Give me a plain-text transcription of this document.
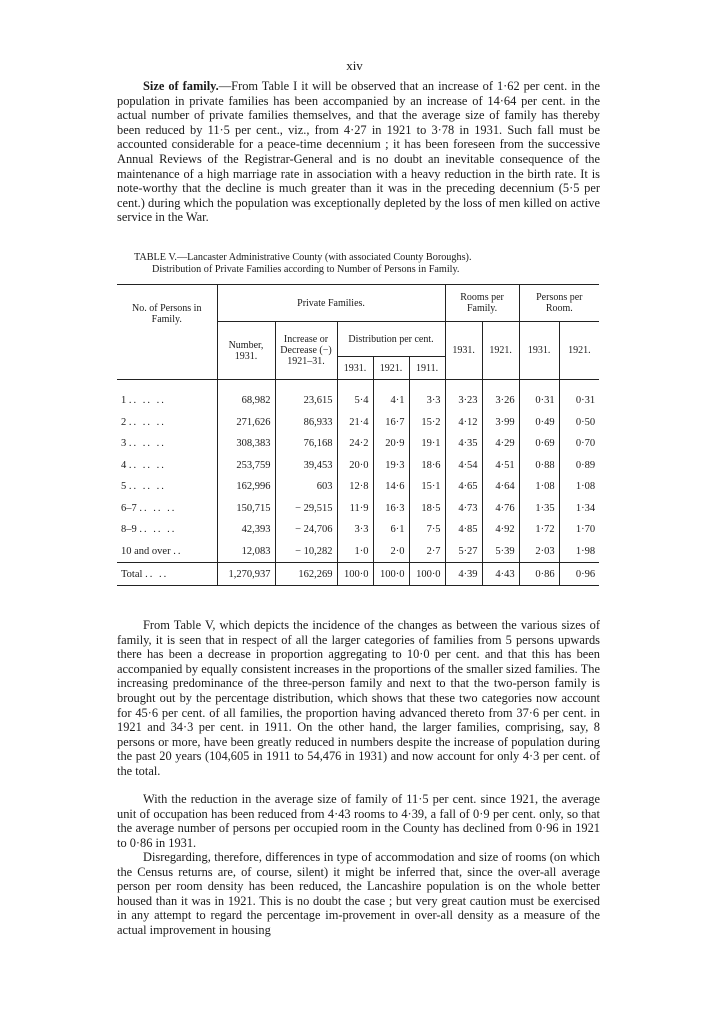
xiv

Size of family.—From Table I it will be observed that an increase of 1·62 per cent. in the population in private families has been accompanied by an increase of 14·64 per cent. in the actual number of private families themselves, and that the average size of family has thereby been reduced by 11·5 per cent., viz., from 4·27 in 1921 to 3·78 in 1931. Such fall must be accounted considerable for a peace-time decennium ; it has been foreseen from the successive Annual Reviews of the Registrar-General and is no doubt an inevitable consequence of the maintenance of a high marriage rate in association with a heavy reduction in the birth rate. It is note-worthy that the decline is much greater than it was in the preceding decennium (5·5 per cent.) during which the population was exceptionally depleted by the loss of men killed on active service in the War.

TABLE V.—Lancaster Administrative County (with associated County Boroughs).
Distribution of Private Families according to Number of Persons in Family.
No. of Persons in Family.	Private Families.					Rooms per Family.		Persons per Room.	
	Number, 1931.	Increase or Decrease (−) 1921–31.	Distribution per cent.			1931.	1921.	1931.	1921.
			1931.	1921.	1911.				

1 .. .. ..	68,982	23,615	5·4	4·1	3·3	3·23	3·26	0·31	0·31
2 .. .. ..	271,626	86,933	21·4	16·7	15·2	4·12	3·99	0·49	0·50
3 .. .. ..	308,383	76,168	24·2	20·9	19·1	4·35	4·29	0·69	0·70
4 .. .. ..	253,759	39,453	20·0	19·3	18·6	4·54	4·51	0·88	0·89
5 .. .. ..	162,996	603	12·8	14·6	15·1	4·65	4·64	1·08	1·08
6–7 .. .. ..	150,715	− 29,515	11·9	16·3	18·5	4·73	4·76	1·35	1·34
8–9 .. .. ..	42,393	− 24,706	3·3	6·1	7·5	4·85	4·92	1·72	1·70
10 and over ..	12,083	− 10,282	1·0	2·0	2·7	5·27	5·39	2·03	1·98
Total .. ..	1,270,937	162,269	100·0	100·0	100·0	4·39	4·43	0·86	0·96

From Table V, which depicts the incidence of the changes as between the various sizes of family, it is seen that in respect of all the larger categories of families from 5 persons upwards there has been a decrease in proportion aggregating to 10·0 per cent. and that this has been accompanied by equally consistent increases in the proportions of the smaller sized families. The increasing predominance of the three-person family and next to that the two-person family is brought out by the percentage distribution, which shows that these two categories now account for 45·6 per cent. of all families, the proportion having advanced thereto from 37·6 per cent. in 1921 and 34·3 per cent. in 1911. On the other hand, the larger families, comprising, say, 8 persons or more, have been greatly reduced in numbers despite the increase of population during the past 20 years (104,605 in 1911 to 54,476 in 1931) and now account for only 4·3 per cent. of the total.

With the reduction in the average size of family of 11·5 per cent. since 1921, the average unit of occupation has been reduced from 4·43 rooms to 4·39, a fall of 0·9 per cent. only, so that the average number of persons per occupied room in the County has declined from 0·96 in 1921 to 0·86 in 1931.

Disregarding, therefore, differences in type of accommodation and size of rooms (on which the Census returns are, of course, silent) it might be inferred that, since the over-all average person per room density has been reduced, the Lancashire population is on the whole better housed than it was in 1921. This is no doubt the case ; but very great caution must be exercised in any attempt to regard the percentage im-provement in over-all density as a measure of the actual improvement in housing
